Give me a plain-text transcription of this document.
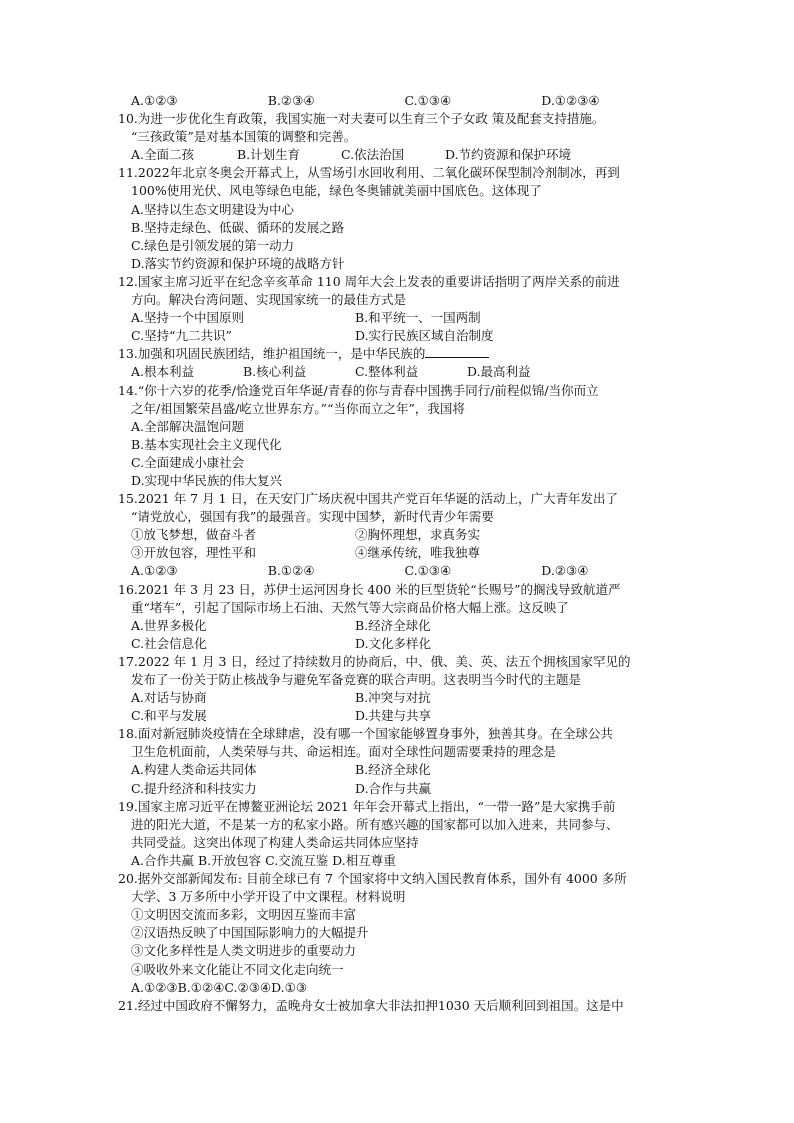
A.①②③	B.②③④	C.①③④	D.①②③④
10.为进一步优化生育政策，我国实施一对夫妻可以生育三个子女政 策及配套支持措施。
“三孩政策”是对基本国策的调整和完善。
A.全面二孩	B.计划生育	C.依法治国	D.节约资源和保护环境
11.2022年北京冬奥会开幕式上，从雪场引水回收利用、二氧化碳环保型制冷剂制冰，再到
100%使用光伏、风电等绿色电能，绿色冬奥铺就美丽中国底色。这体现了
A.坚持以生态文明建设为中心
B.坚持走绿色、低碳、循环的发展之路
C.绿色是引领发展的第一动力
D.落实节约资源和保护环境的战略方针
12.国家主席习近平在纪念辛亥革命 110 周年大会上发表的重要讲话指明了两岸关系的前进
方向。解决台湾问题、实现国家统一的最佳方式是
A.坚持一个中国原则	B.和平统一、一国两制
C.坚持“九二共识”	D.实行民族区域自治制度
13.加强和巩固民族团结，维护祖国统一，是中华民族的
A.根本利益	B.核心利益	C.整体利益	D.最高利益
14.“你十六岁的花季/恰逢党百年华诞/青春的你与青春中国携手同行/前程似锦/当你而立
之年/祖国繁荣昌盛/屹立世界东方。”“当你而立之年”，我国将
A.全部解决温饱问题
B.基本实现社会主义现代化
C.全面建成小康社会
D.实现中华民族的伟大复兴
15.2021 年 7 月 1 日，在天安门广场庆祝中国共产党百年华诞的活动上，广大青年发出了
“请党放心，强国有我”的最强音。实现中国梦，新时代青少年需要
①放飞梦想，做奋斗者	②胸怀理想，求真务实
③开放包容，理性平和	④继承传统，唯我独尊
A.①②③	B.①②④	C.①③④	D.②③④
16.2021 年 3 月 23 日，苏伊士运河因身长 400 米的巨型货轮“长赐号”的搁浅导致航道严
重“堵车”，引起了国际市场上石油、天然气等大宗商品价格大幅上涨。这反映了
A.世界多极化	B.经济全球化
C.社会信息化	D.文化多样化
17.2022 年 1 月 3 日，经过了持续数月的协商后，中、俄、美、英、法五个拥核国家罕见的
发布了一份关于防止核战争与避免军备竞赛的联合声明。这表明当今时代的主题是
A.对话与协商	B.冲突与对抗
C.和平与发展	D.共建与共享
18.面对新冠肺炎疫情在全球肆虐，没有哪一个国家能够置身事外，独善其身。在全球公共
卫生危机面前，人类荣辱与共、命运相连。面对全球性问题需要秉持的理念是
A.构建人类命运共同体	B.经济全球化
C.提升经济和科技实力	D.合作与共赢
19.国家主席习近平在博鳌亚洲论坛 2021 年年会开幕式上指出，“一带一路”是大家携手前
进的阳光大道，不是某一方的私家小路。所有感兴趣的国家都可以加入进来，共同参与、
共同受益。这突出体现了构建人类命运共同体应坚持
A.合作共赢 B.开放包容 C.交流互鉴 D.相互尊重
20.据外交部新闻发布: 目前全球已有 7 个国家将中文纳入国民教育体系，国外有 4000 多所
大学、3 万多所中小学开设了中文课程。材料说明
①文明因交流而多彩，文明因互鉴而丰富
②汉语热反映了中国国际影响力的大幅提升
③文化多样性是人类文明进步的重要动力
④吸收外来文化能让不同文化走向统一
A.①②③B.①②④C.②③④D.①③
21.经过中国政府不懈努力，孟晚舟女士被加拿大非法扣押1030 天后顺利回到祖国。这是中
